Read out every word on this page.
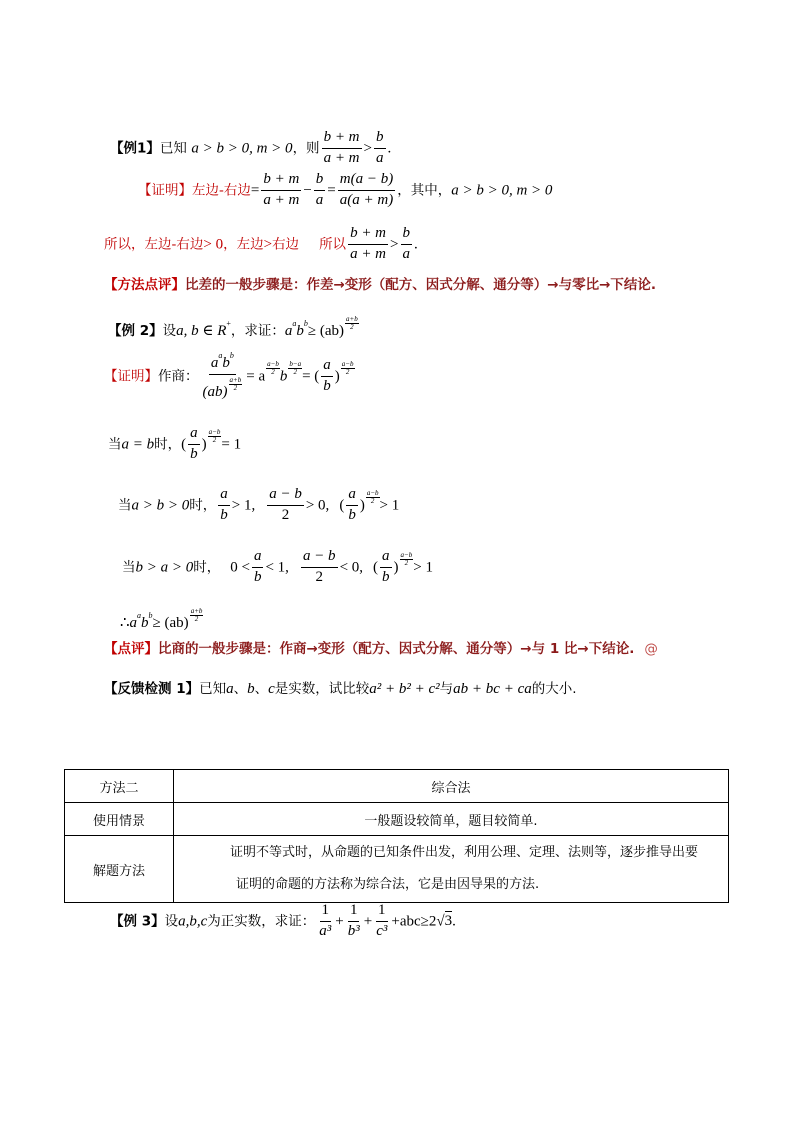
【例1】已知 a > b > 0, m > 0，则 $\frac{b + m}{a + m} > \frac{b}{a}$ .
【证明】左边-右边= $\frac{b + m}{a + m} - \frac{b}{a} = \frac{m(a - b)}{a(a + m)}$ ，其中，a > b > 0, m > 0
所以，左边-右边> 0，左边>右边 所以 $\frac{b + m}{a + m} > \frac{b}{a}$ .
【方法点评】比差的一般步骤是：作差→变形（配方、因式分解、通分等）→与零比→下结论.
【例 2】设a, b ∈ R+，求证：$a^ab^b\ge (ab) \frac{a+b}{2}$
【证明】作商： $\frac{a^ab^b}{(ab) \frac{a+b}{2}} = a \frac{a-b}{2}$ b $\frac{b-a}{2}$ = ( $\frac{a}{b}$ ) $\frac{a-b}{2}$
当a = b时，( $\frac{a}{b}$ ) $\frac{a-b}{2} = 1$
当a > b > 0时， $\frac{a}{b} > 1$, $\frac{a - b}{2} > 0$, ( $\frac{a}{b}$ ) $\frac{a-b}{2} > 1$
当b > a > 0时， $0 < \frac{a}{b} < 1$, $\frac{a - b}{2} < 0$, ( $\frac{a}{b}$ ) $\frac{a-b}{2} > 1$
$\therefore a^ab^b\ge (ab) \frac{a+b}{2}$
【点评】比商的一般步骤是：作商→变形（配方、因式分解、通分等）→与 1 比→下结论. @
【反馈检测 1】已知a、b、c是实数，试比较a² + b² + c²与ab + bc + ca的大小.
方法二	综合法
使用情景	一般题设较简单，题目较简单.
解题方法	证明不等式时，从命题的已知条件出发，利用公理、定理、法则等，逐步推导出要
证明的命题的方法称为综合法，它是由因导果的方法.
【例 3】设a,b,c为正实数，求证： $\frac{1}{\text{a³}} + \frac{1}{\text{b³}} + \frac{1}{\text{c³}} +abc\ge 2√3$.
